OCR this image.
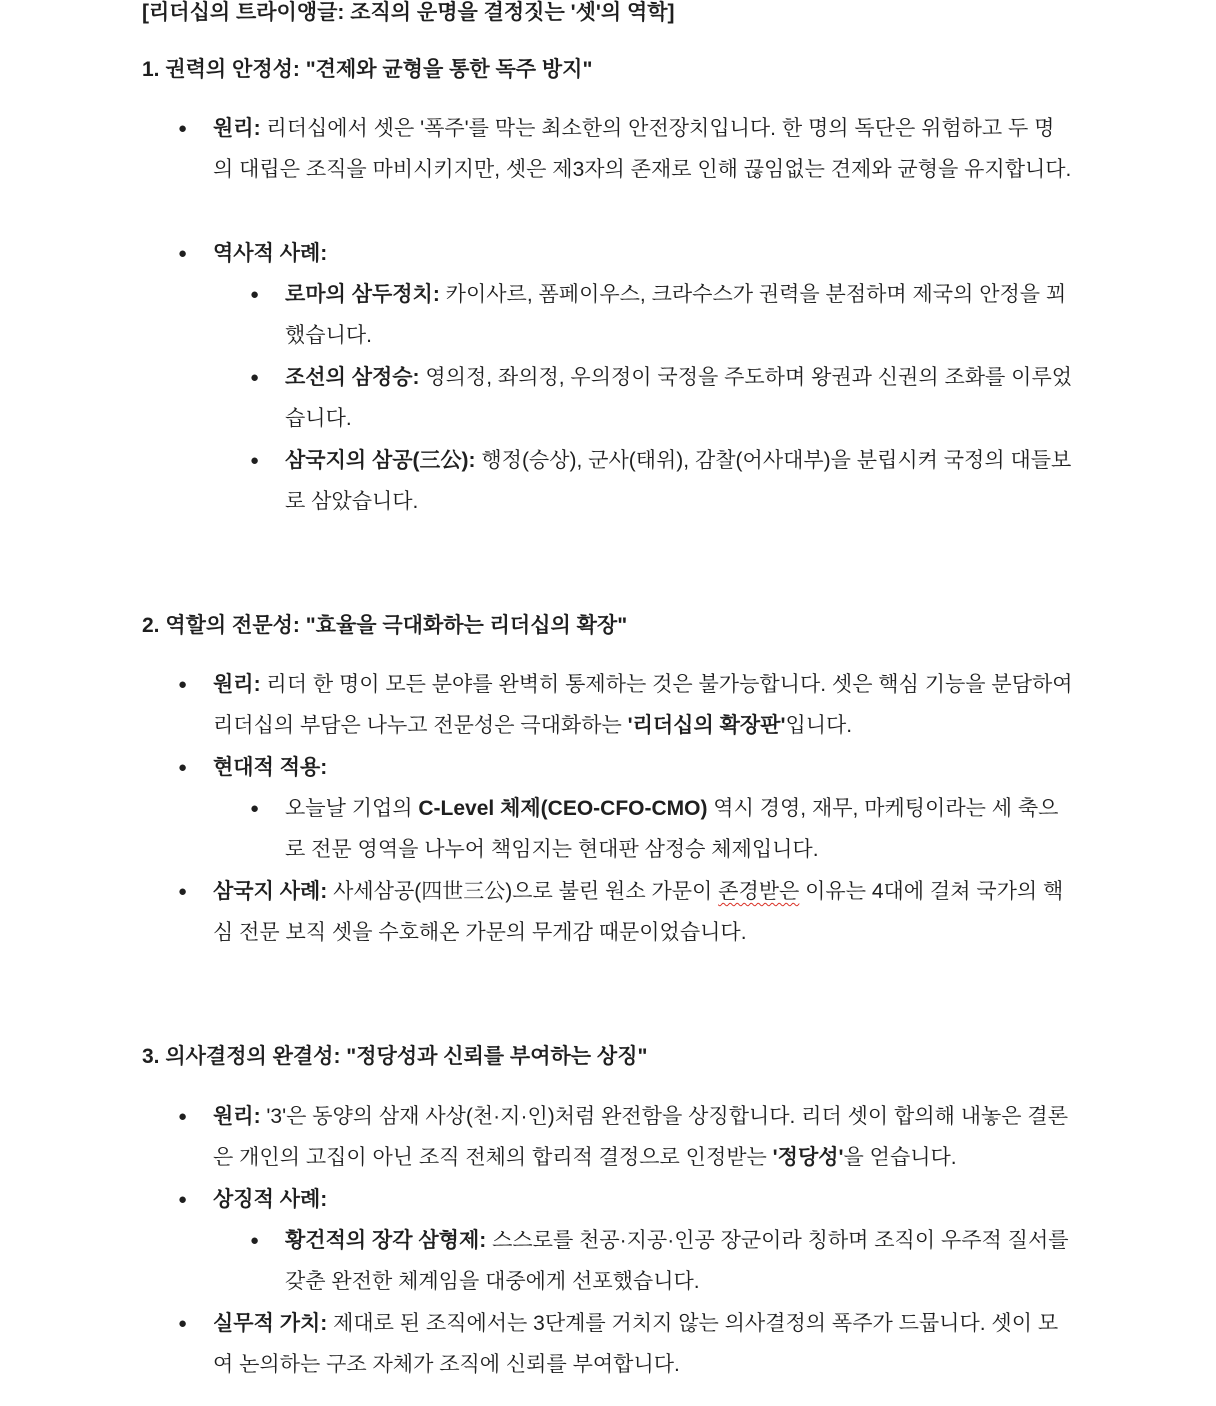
[리더십의 트라이앵글: 조직의 운명을 결정짓는 '셋'의 역학]
1. 권력의 안정성: "견제와 균형을 통한 독주 방지"
● 원리: 리더십에서 셋은 '폭주'를 막는 최소한의 안전장치입니다. 한 명의 독단은 위험하고 두 명의 대립은 조직을 마비시키지만, 셋은 제3자의 존재로 인해 끊임없는 견제와 균형을 유지합니다.
● 역사적 사례:
● 로마의 삼두정치: 카이사르, 폼페이우스, 크라수스가 권력을 분점하며 제국의 안정을 꾀했습니다.
● 조선의 삼정승: 영의정, 좌의정, 우의정이 국정을 주도하며 왕권과 신권의 조화를 이루었습니다.
● 삼국지의 삼공(三公): 행정(승상), 군사(태위), 감찰(어사대부)을 분립시켜 국정의 대들보로 삼았습니다.
2. 역할의 전문성: "효율을 극대화하는 리더십의 확장"
● 원리: 리더 한 명이 모든 분야를 완벽히 통제하는 것은 불가능합니다. 셋은 핵심 기능을 분담하여 리더십의 부담은 나누고 전문성은 극대화하는 '리더십의 확장판'입니다.
● 현대적 적용:
● 오늘날 기업의 C-Level 체제(CEO-CFO-CMO) 역시 경영, 재무, 마케팅이라는 세 축으로 전문 영역을 나누어 책임지는 현대판 삼정승 체제입니다.
● 삼국지 사례: 사세삼공(四世三公)으로 불린 원소 가문이 존경받은 이유는 4대에 걸쳐 국가의 핵심 전문 보직 셋을 수호해온 가문의 무게감 때문이었습니다.
3. 의사결정의 완결성: "정당성과 신뢰를 부여하는 상징"
● 원리: '3'은 동양의 삼재 사상(천·지·인)처럼 완전함을 상징합니다. 리더 셋이 합의해 내놓은 결론은 개인의 고집이 아닌 조직 전체의 합리적 결정으로 인정받는 '정당성'을 얻습니다.
● 상징적 사례:
● 황건적의 장각 삼형제: 스스로를 천공·지공·인공 장군이라 칭하며 조직이 우주적 질서를 갖춘 완전한 체계임을 대중에게 선포했습니다.
● 실무적 가치: 제대로 된 조직에서는 3단계를 거치지 않는 의사결정의 폭주가 드뭅니다. 셋이 모여 논의하는 구조 자체가 조직에 신뢰를 부여합니다.
